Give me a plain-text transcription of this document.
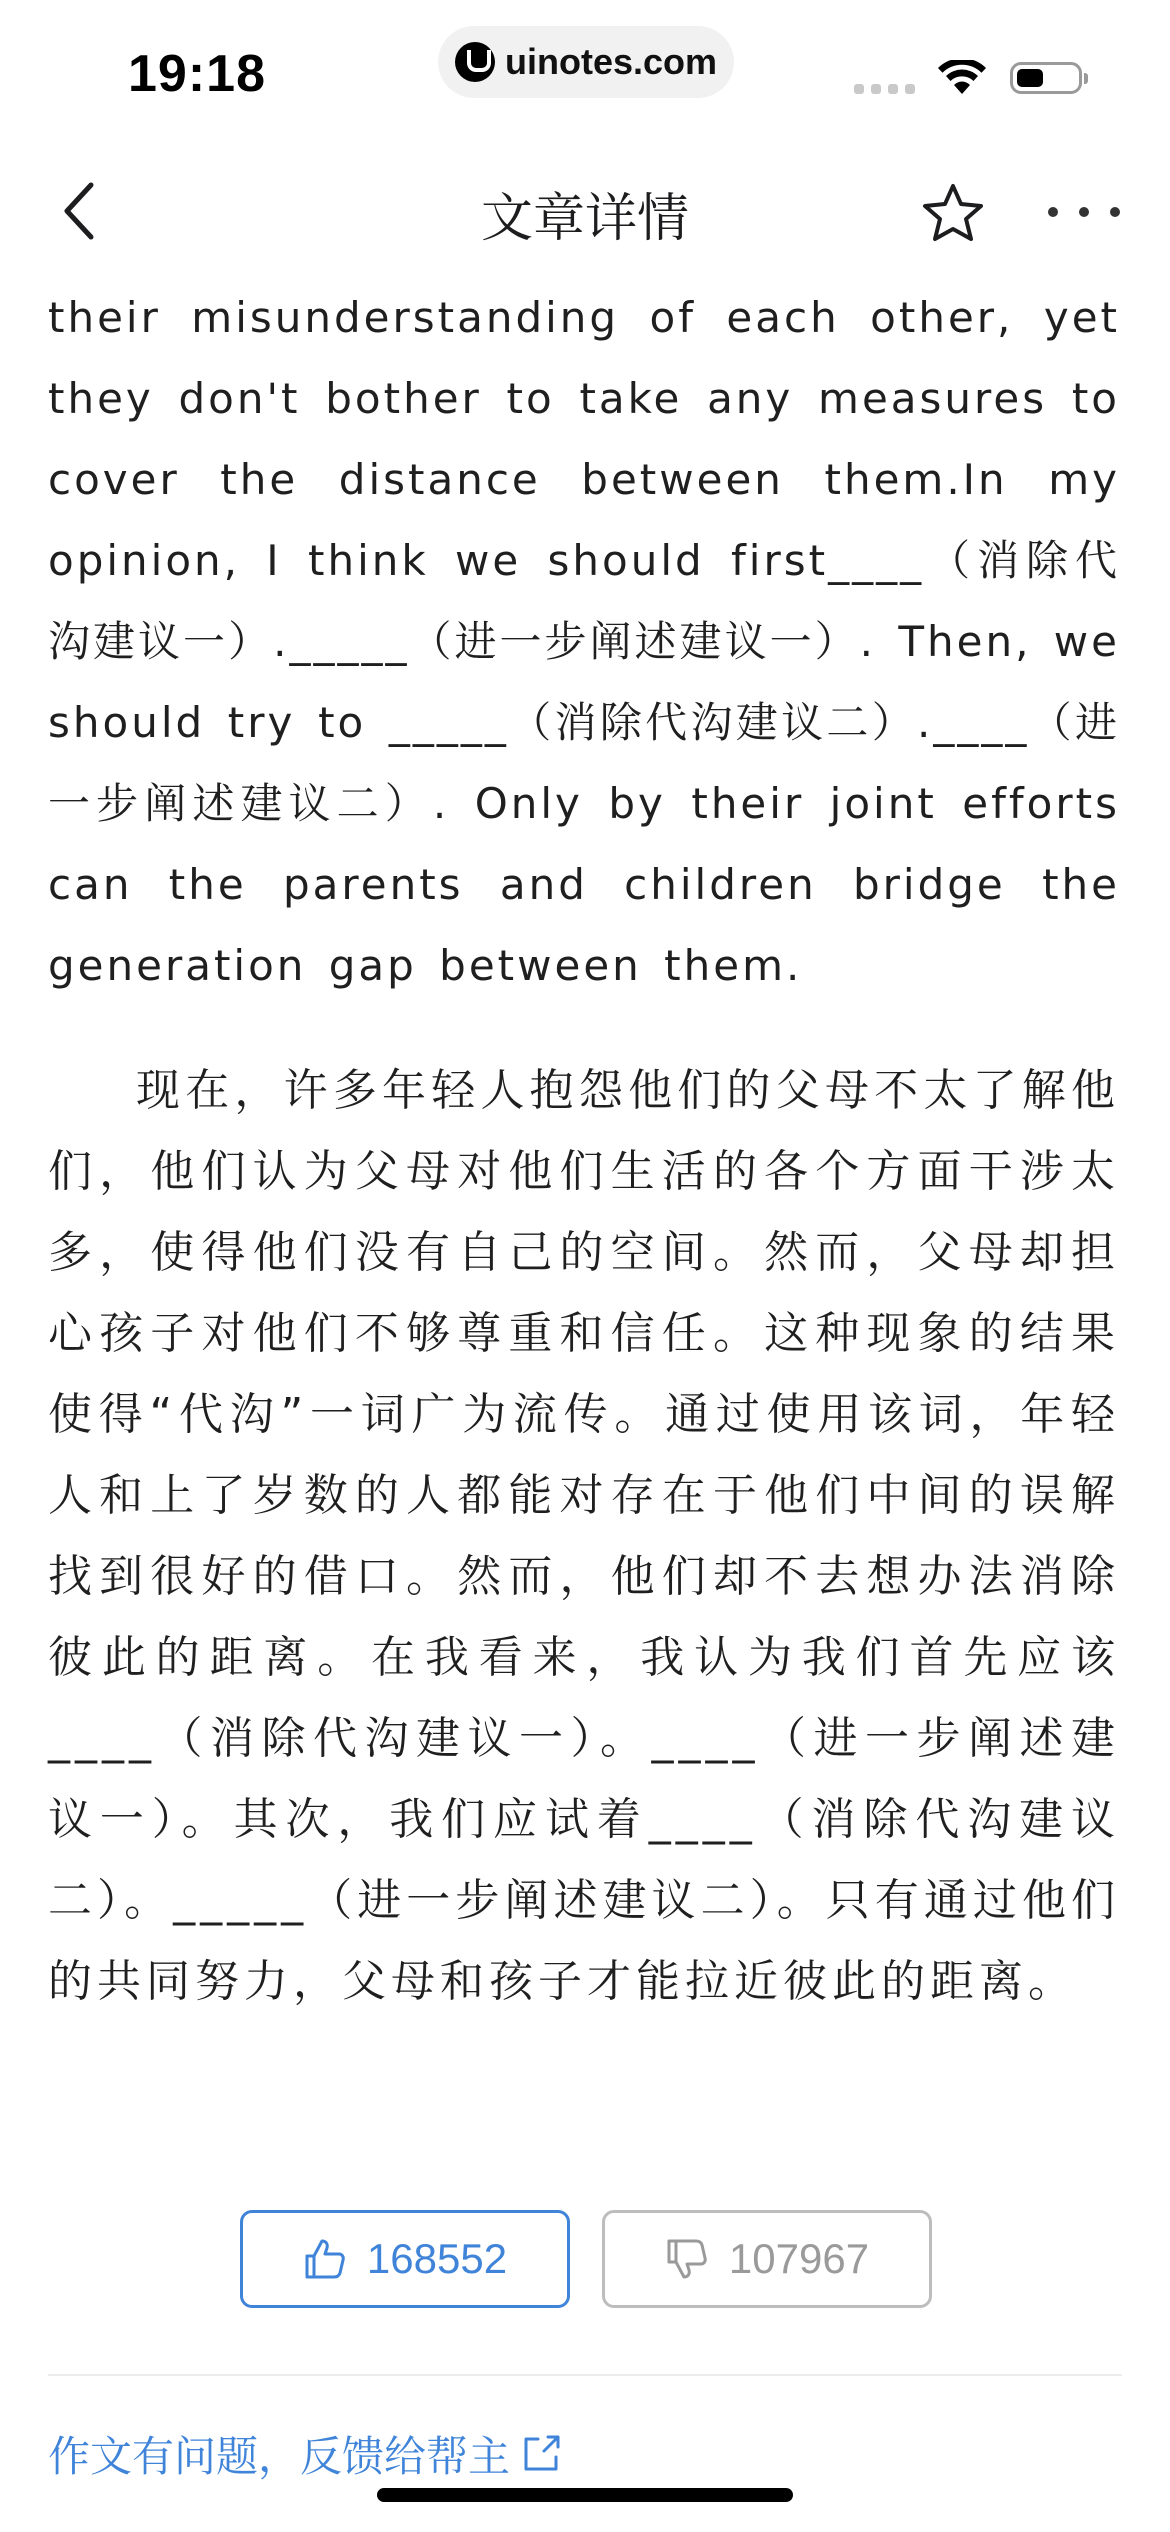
19:18	uinotes.com
文章详情

their misunderstanding of each other, yet they don't bother to take any measures to cover the distance between them.In my opinion, I think we should first____（消除代沟建议一）._____（进一步阐述建议一）. Then, we should try to _____（消除代沟建议二）.____（进一步阐述建议二）. Only by their joint efforts can the parents and children bridge the generation gap between them.

现在，许多年轻人抱怨他们的父母不太了解他们，他们认为父母对他们生活的各个方面干涉太多，使得他们没有自己的空间。然而，父母却担心孩子对他们不够尊重和信任。这种现象的结果使得“代沟”一词广为流传。通过使用该词，年轻人和上了岁数的人都能对存在于他们中间的误解找到很好的借口。然而，他们却不去想办法消除彼此的距离。在我看来，我认为我们首先应该____（消除代沟建议一）。____（进一步阐述建议一）。其次，我们应试着____（消除代沟建议二）。_____（进一步阐述建议二）。只有通过他们的共同努力，父母和孩子才能拉近彼此的距离。

168552	107967
作文有问题，反馈给帮主
